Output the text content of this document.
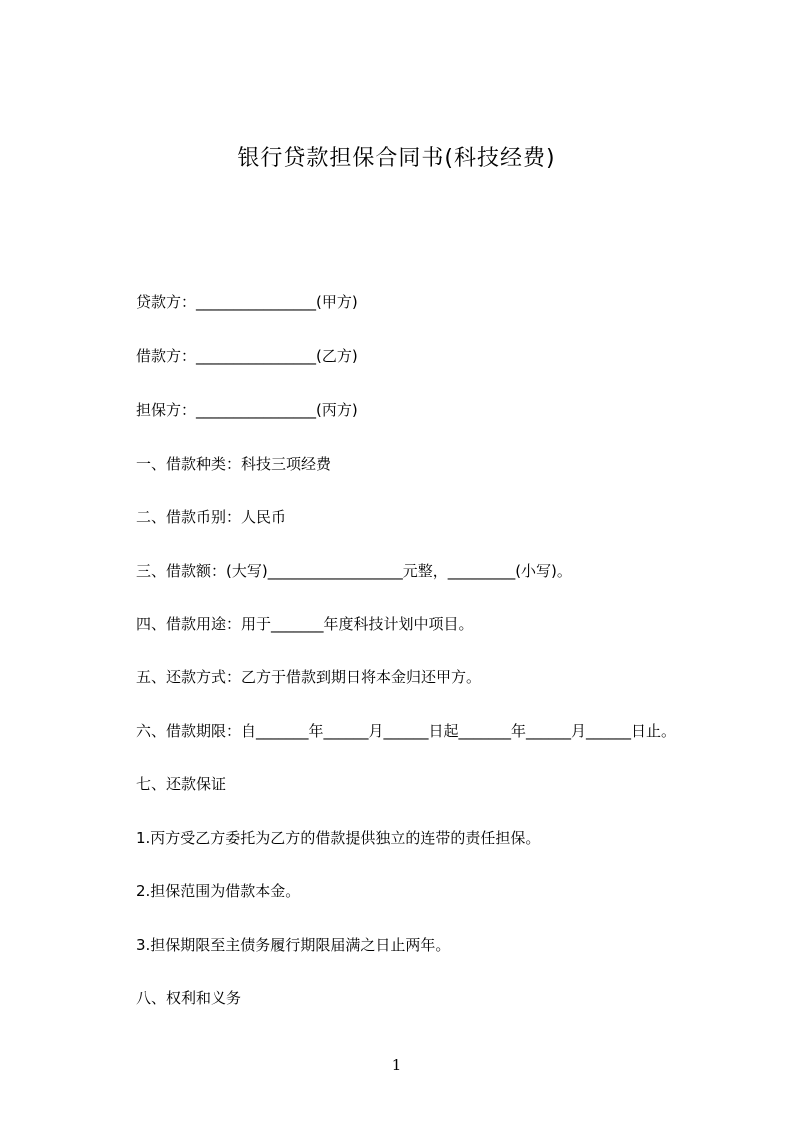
银行贷款担保合同书(科技经费)

贷款方：________________(甲方)

借款方：________________(乙方)

担保方：________________(丙方)

一、借款种类：科技三项经费

二、借款币别：人民币

三、借款额：(大写)__________________元整，_________(小写)。

四、借款用途：用于_______年度科技计划中项目。

五、还款方式：乙方于借款到期日将本金归还甲方。

六、借款期限：自_______年______月______日起_______年______月______日止。

七、还款保证

1.丙方受乙方委托为乙方的借款提供独立的连带的责任担保。

2.担保范围为借款本金。

3.担保期限至主债务履行期限届满之日止两年。

八、权利和义务

1
